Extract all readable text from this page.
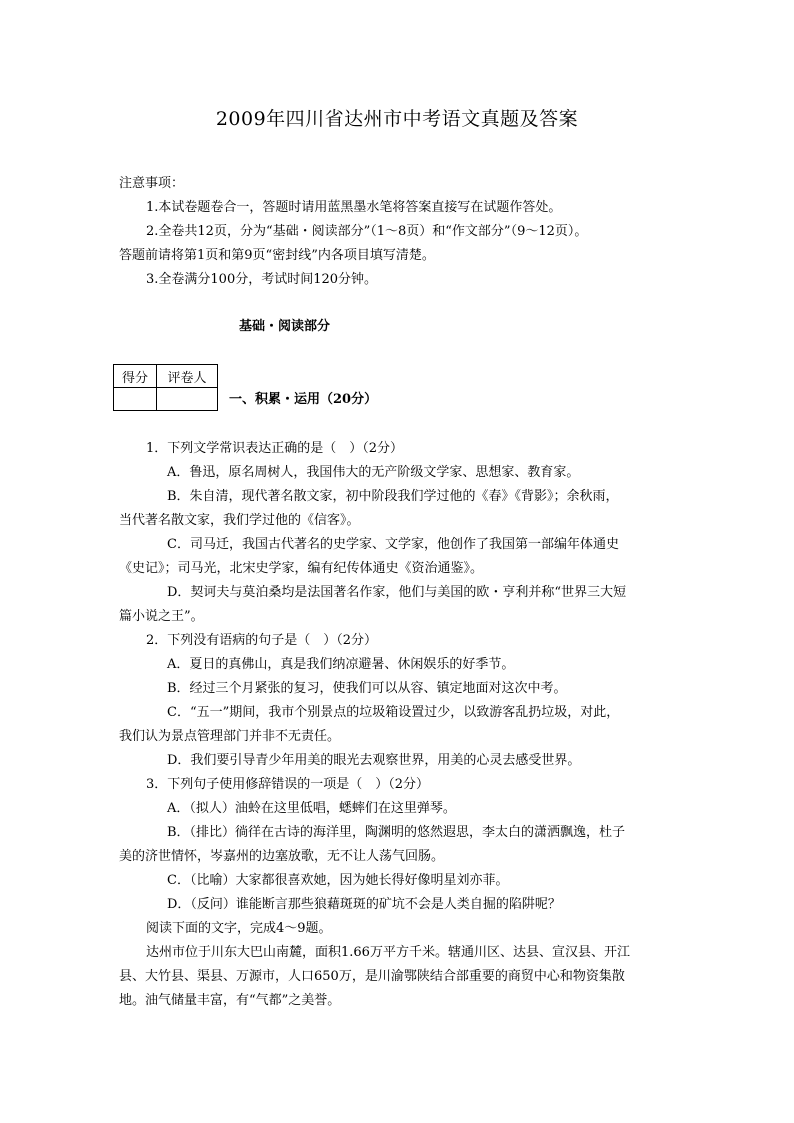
2009年四川省达州市中考语文真题及答案
注意事项：
1.本试卷题卷合一，答题时请用蓝黑墨水笔将答案直接写在试题作答处。
2.全卷共12页，分为“基础・阅读部分”（1～8页）和“作文部分”（9～12页）。
答题前请将第1页和第9页“密封线”内各项目填写清楚。
3.全卷满分100分，考试时间120分钟。
基础・阅读部分
得分	评卷人

一、积累・运用（20分）
1．下列文学常识表达正确的是（　）（2分）
A．鲁迅，原名周树人，我国伟大的无产阶级文学家、思想家、教育家。
B．朱自清，现代著名散文家，初中阶段我们学过他的《春》《背影》；余秋雨，
当代著名散文家，我们学过他的《信客》。
C．司马迁，我国古代著名的史学家、文学家，他创作了我国第一部编年体通史
《史记》；司马光，北宋史学家，编有纪传体通史《资治通鉴》。
D．契诃夫与莫泊桑均是法国著名作家，他们与美国的欧・亨利并称“世界三大短
篇小说之王”。
2．下列没有语病的句子是（　）（2分）
A．夏日的真佛山，真是我们纳凉避暑、休闲娱乐的好季节。
B．经过三个月紧张的复习，使我们可以从容、镇定地面对这次中考。
C．“五一”期间，我市个别景点的垃圾箱设置过少，以致游客乱扔垃圾，对此，
我们认为景点管理部门并非不无责任。
D．我们要引导青少年用美的眼光去观察世界，用美的心灵去感受世界。
3．下列句子使用修辞错误的一项是（　）（2分）
A．（拟人）油蛉在这里低唱，蟋蟀们在这里弹琴。
B．（排比）徜徉在古诗的海洋里，陶渊明的悠然遐思，李太白的潇洒飘逸，杜子
美的济世情怀，岑嘉州的边塞放歌，无不让人荡气回肠。
C．（比喻）大家都很喜欢她，因为她长得好像明星刘亦菲。
D．（反问）谁能断言那些狼藉斑斑的矿坑不会是人类自掘的陷阱呢？
阅读下面的文字，完成4～9题。
达州市位于川东大巴山南麓，面积1.66万平方千米。辖通川区、达县、宣汉县、开江
县、大竹县、渠县、万源市，人口650万，是川渝鄂陕结合部重要的商贸中心和物资集散
地。油气储量丰富，有“气都”之美誉。
